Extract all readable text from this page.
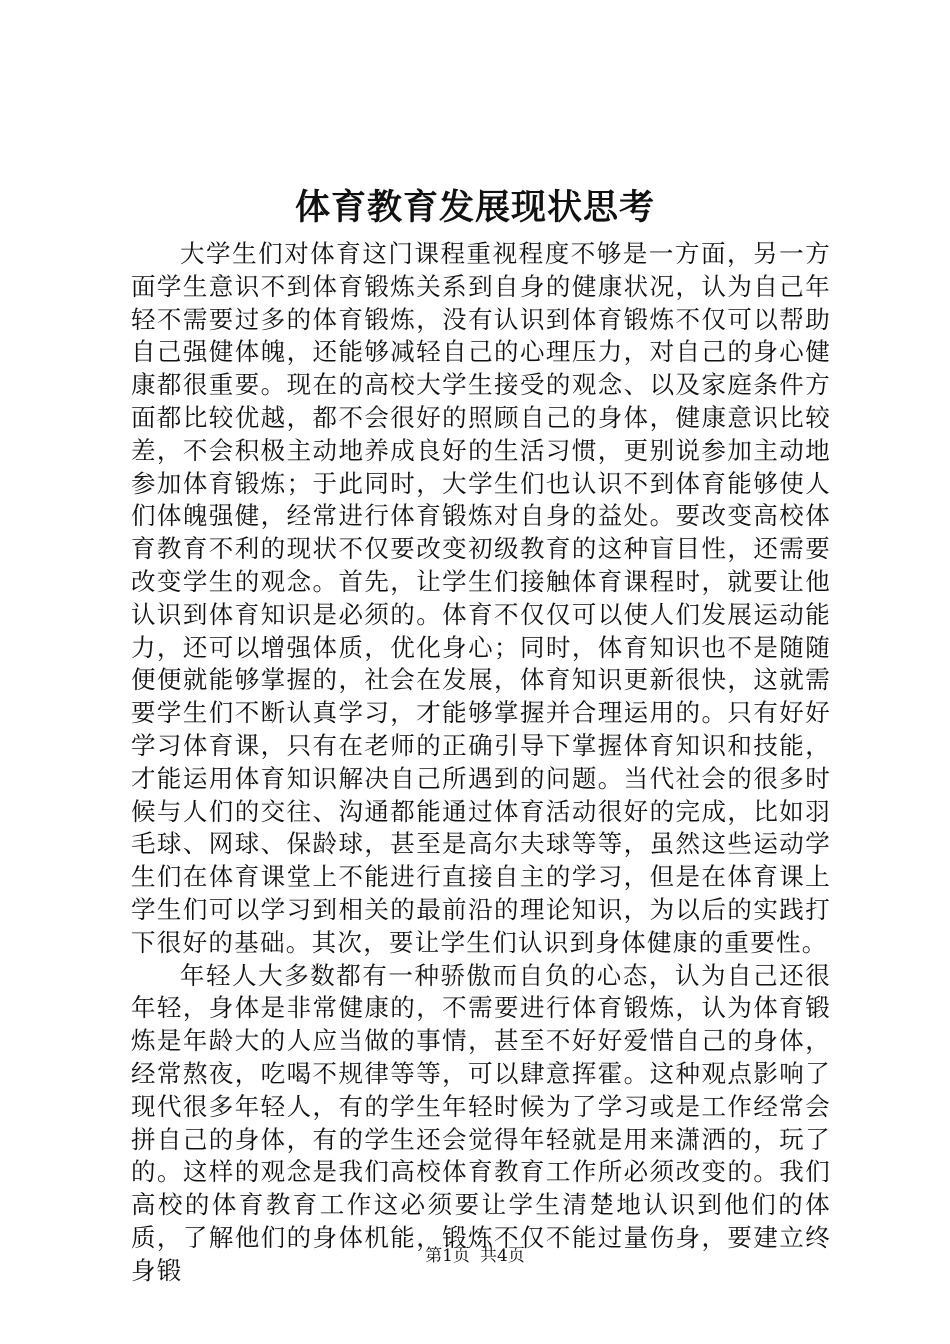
体育教育发展现状思考

大学生们对体育这门课程重视程度不够是一方面，另一方面学生意识不到体育锻炼关系到自身的健康状况，认为自己年轻不需要过多的体育锻炼，没有认识到体育锻炼不仅可以帮助自己强健体魄，还能够减轻自己的心理压力，对自己的身心健康都很重要。现在的高校大学生接受的观念、以及家庭条件方面都比较优越，都不会很好的照顾自己的身体，健康意识比较差，不会积极主动地养成良好的生活习惯，更别说参加主动地参加体育锻炼；于此同时，大学生们也认识不到体育能够使人们体魄强健，经常进行体育锻炼对自身的益处。要改变高校体育教育不利的现状不仅要改变初级教育的这种盲目性，还需要改变学生的观念。首先，让学生们接触体育课程时，就要让他认识到体育知识是必须的。体育不仅仅可以使人们发展运动能力，还可以增强体质，优化身心；同时，体育知识也不是随随便便就能够掌握的，社会在发展，体育知识更新很快，这就需要学生们不断认真学习，才能够掌握并合理运用的。只有好好学习体育课，只有在老师的正确引导下掌握体育知识和技能，才能运用体育知识解决自己所遇到的问题。当代社会的很多时候与人们的交往、沟通都能通过体育活动很好的完成，比如羽毛球、网球、保龄球，甚至是高尔夫球等等，虽然这些运动学生们在体育课堂上不能进行直接自主的学习，但是在体育课上学生们可以学习到相关的最前沿的理论知识，为以后的实践打下很好的基础。其次，要让学生们认识到身体健康的重要性。

年轻人大多数都有一种骄傲而自负的心态，认为自己还很年轻，身体是非常健康的，不需要进行体育锻炼，认为体育锻炼是年龄大的人应当做的事情，甚至不好好爱惜自己的身体，经常熬夜，吃喝不规律等等，可以肆意挥霍。这种观点影响了现代很多年轻人，有的学生年轻时候为了学习或是工作经常会拼自己的身体，有的学生还会觉得年轻就是用来潇洒的，玩了的。这样的观念是我们高校体育教育工作所必须改变的。我们高校的体育教育工作这必须要让学生清楚地认识到他们的体质，了解他们的身体机能，锻炼不仅不能过量伤身，要建立终身锻	第1页 共4页
